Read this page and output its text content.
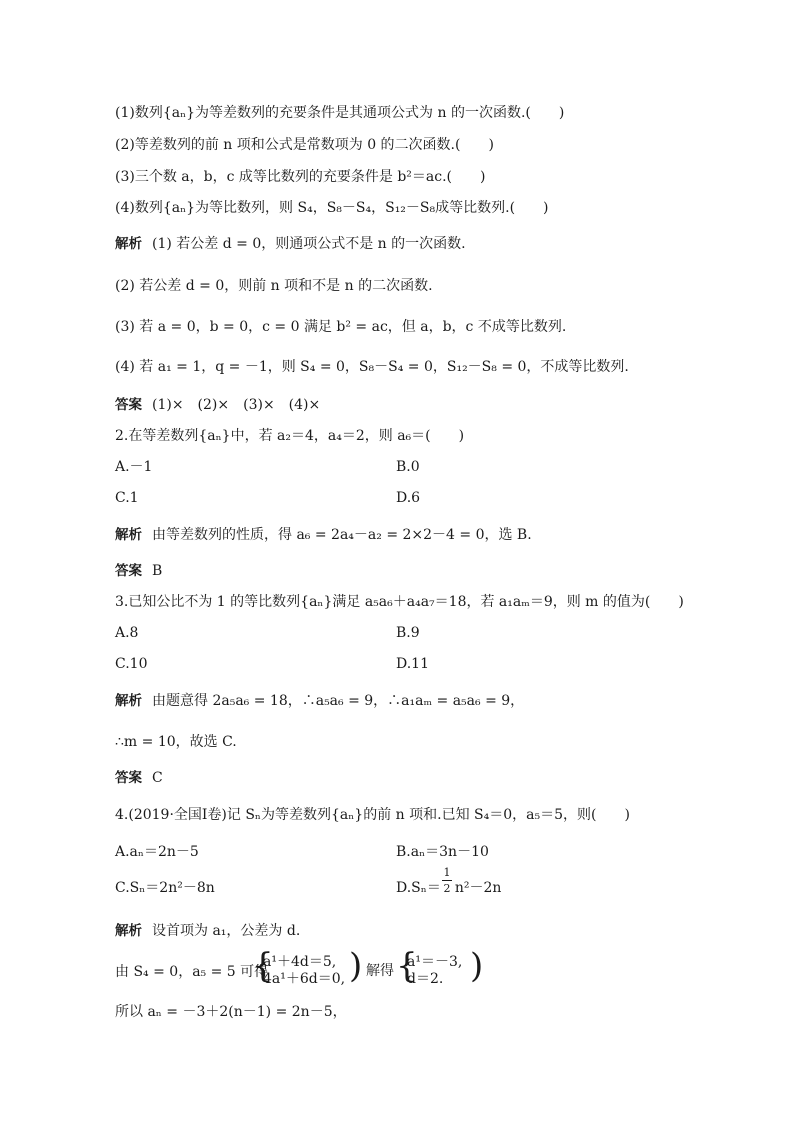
(1)数列{aₙ}为等差数列的充要条件是其通项公式为 n 的一次函数.(　　)
(2)等差数列的前 n 项和公式是常数项为 0 的二次函数.(　　)
(3)三个数 a，b，c 成等比数列的充要条件是 b²＝ac.(　　)
(4)数列{aₙ}为等比数列，则 S₄，S₈－S₄，S₁₂－S₈成等比数列.(　　)
解析 (1) 若公差 d = 0，则通项公式不是 n 的一次函数.
(2) 若公差 d = 0，则前 n 项和不是 n 的二次函数.
(3) 若 a = 0，b = 0，c = 0 满足 b² = ac，但 a，b，c 不成等比数列.
(4) 若 a₁ = 1，q = －1，则 S₄ = 0，S₈－S₄ = 0，S₁₂－S₈ = 0，不成等比数列.
答案 (1)×　(2)×　(3)×　(4)×
2.在等差数列{aₙ}中，若 a₂＝4，a₄＝2，则 a₆＝(　　)
A.－1	B.0
C.1	D.6
解析 由等差数列的性质，得 a₆ = 2a₄－a₂ = 2×2－4 = 0，选 B.
答案 B
3.已知公比不为 1 的等比数列{aₙ}满足 a₅a₆＋a₄a₇＝18，若 a₁aₘ＝9，则 m 的值为(　　)
A.8	B.9
C.10	D.11
解析 由题意得 2a₅a₆ = 18，∴a₅a₆ = 9，∴a₁aₘ = a₅a₆ = 9，
∴m = 10，故选 C.
答案 C
4.(2019·全国Ⅰ卷)记 Sₙ为等差数列{aₙ}的前 n 项和.已知 S₄＝0，a₅＝5，则(　　)
A.aₙ＝2n－5	B.aₙ＝3n－10
C.Sₙ＝2n²－8n	D.Sₙ＝ n²－2n
1
2
解析 设首项为 a₁，公差为 d.
由 S₄ = 0，a₅ = 5 可得
{
a¹＋4d＝5,
4a¹＋6d＝0, ) 解得 {
a¹＝－3,
d＝2. )
所以 aₙ = －3＋2(n－1) = 2n－5，
